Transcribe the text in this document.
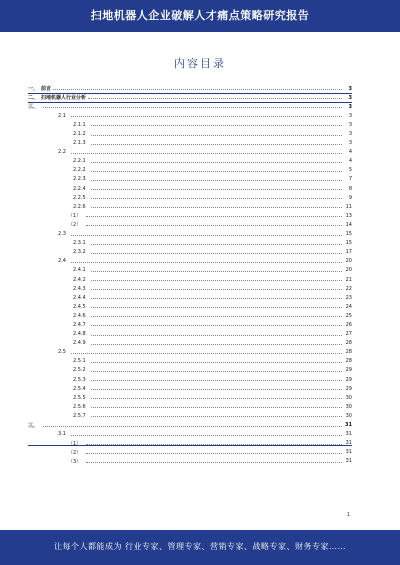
扫地机器人企业破解人才痛点策略研究报告
内容目录
一、 前言	3
二、 扫地机器人行业分析	3
三、	3
2.1	3
2.1.1	3
2.1.2	3
2.1.3	3
2.2	4
2.2.1	4
2.2.2	5
2.2.3	7
2.2.4	8
2.2.5	9
2.2.6	11
（1）	13
（2）	14
2.3	15
2.3.1	15
2.3.2	17
2.4	20
2.4.1	20
2.4.2	21
2.4.3	22
2.4.4	23
2.4.5	24
2.4.6	25
2.4.7	26
2.4.8	27
2.4.9	28
2.5	28
2.5.1	28
2.5.2	29
2.5.3	29
2.5.4	29
2.5.5	30
2.5.6	30
2.5.7	30
三、	31
3.1	31
（1）	31
（2）	31
（3）	31
1
让每个人都能成为 行业专家、管理专家、营销专家、战略专家、财务专家……
